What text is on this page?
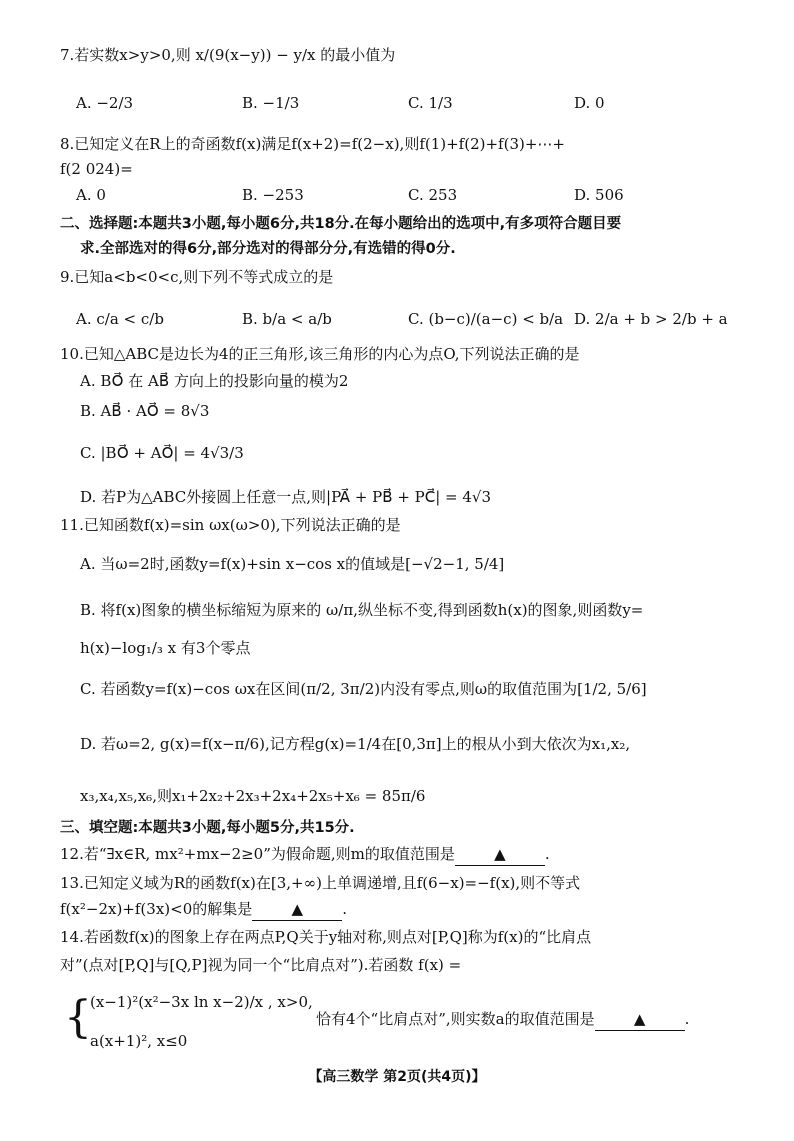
7.若实数x>y>0,则 x/(9(x−y)) − y/x 的最小值为
A. −2/3	B. −1/3	C. 1/3	D. 0
8.已知定义在R上的奇函数f(x)满足f(x+2)=f(2−x),则f(1)+f(2)+f(3)+⋯+
f(2 024)=
A. 0	B. −253	C. 253	D. 506
二、选择题:本题共3小题,每小题6分,共18分.在每小题给出的选项中,有多项符合题目要
求.全部选对的得6分,部分选对的得部分分,有选错的得0分.
9.已知a<b<0<c,则下列不等式成立的是
A. c/a < c/b	B. b/a < a/b	C. (b−c)/(a−c) < b/a D. 2/a + b > 2/b + a
10.已知△ABC是边长为4的正三角形,该三角形的内心为点O,下列说法正确的是
A. BO⃗ 在 AB⃗ 方向上的投影向量的模为2
B. AB⃗ · AO⃗ = 8√3
C. |BO⃗ + AO⃗| = 4√3/3
D. 若P为△ABC外接圆上任意一点,则|PA⃗ + PB⃗ + PC⃗| = 4√3
11.已知函数f(x)=sin ωx(ω>0),下列说法正确的是
A. 当ω=2时,函数y=f(x)+sin x−cos x的值域是[−√2−1, 5/4]
B. 将f(x)图象的横坐标缩短为原来的 ω/π,纵坐标不变,得到函数h(x)的图象,则函数y=
h(x)−log₁/₃ x 有3个零点
C. 若函数y=f(x)−cos ωx在区间(π/2, 3π/2)内没有零点,则ω的取值范围为[1/2, 5/6]
D. 若ω=2, g(x)=f(x−π/6),记方程g(x)=1/4在[0,3π]上的根从小到大依次为x₁,x₂,
x₃,x₄,x₅,x₆,则x₁+2x₂+2x₃+2x₄+2x₅+x₆ = 85π/6
三、填空题:本题共3小题,每小题5分,共15分.
12.若“∃x∈R, mx²+mx−2≥0”为假命题,则m的取值范围是	▲	.
13.已知定义域为R的函数f(x)在[3,+∞)上单调递增,且f(6−x)=−f(x),则不等式
f(x²−2x)+f(3x)<0的解集是	▲	.
14.若函数f(x)的图象上存在两点P,Q关于y轴对称,则点对[P,Q]称为f(x)的“比肩点
对”(点对[P,Q]与[Q,P]视为同一个“比肩点对”).若函数 f(x) =
{
(x−1)²(x²−3x ln x−2)/x , x>0,
a(x+1)², x≤0
恰有4个“比肩点对”,则实数a的取值范围是	▲	.
【高三数学 第2页(共4页)】
